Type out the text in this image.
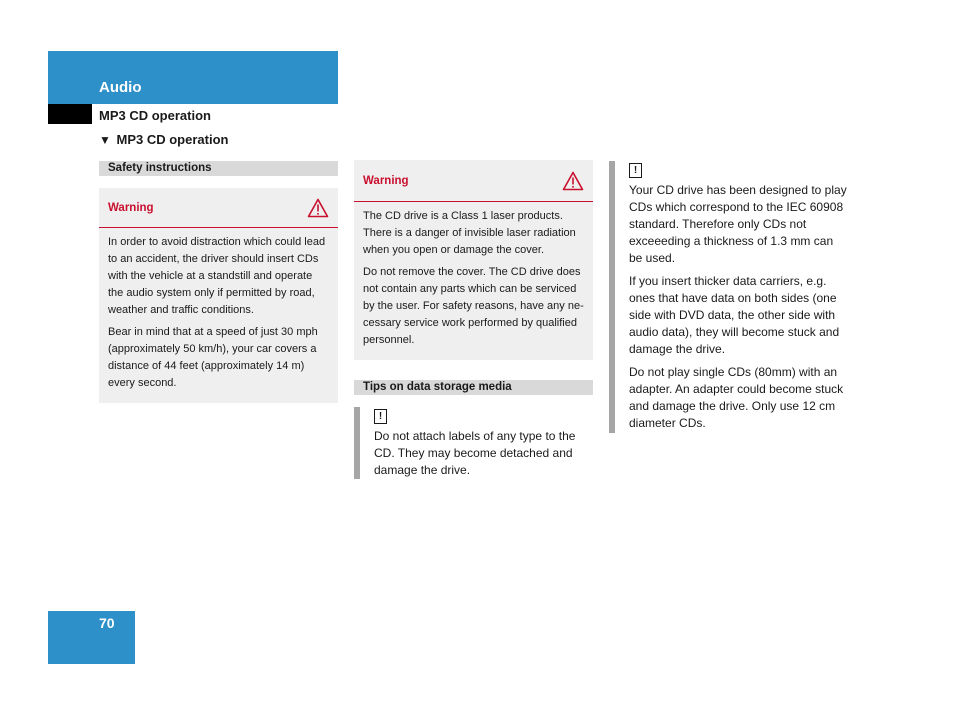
Audio
MP3 CD operation
▼ MP3 CD operation
Safety instructions
Warning

In order to avoid distraction which could lead to an accident, the driver should insert CDs with the vehicle at a standstill and operate the audio system only if permitted by road, weather and traffic conditions.

Bear in mind that at a speed of just 30 mph (approximately 50 km/h), your car covers a distance of 44 feet (approximately 14 m) every second.

Warning

The CD drive is a Class 1 laser products. There is a danger of invisible laser radiation when you open or damage the cover.

Do not remove the cover. The CD drive does not contain any parts which can be serviced by the user. For safety reasons, have any ne-cessary service work performed by qualified personnel.

Tips on data storage media
!

Do not attach labels of any type to the CD. They may become detached and damage the drive.

!

Your CD drive has been designed to play CDs which correspond to the IEC 60908 standard. Therefore only CDs not exceeeding a thickness of 1.3 mm can be used.

If you insert thicker data carriers, e.g. ones that have data on both sides (one side with DVD data, the other side with audio data), they will become stuck and damage the drive.

Do not play single CDs (80mm) with an adapter. An adapter could become stuck and damage the drive. Only use 12 cm diameter CDs.

70
